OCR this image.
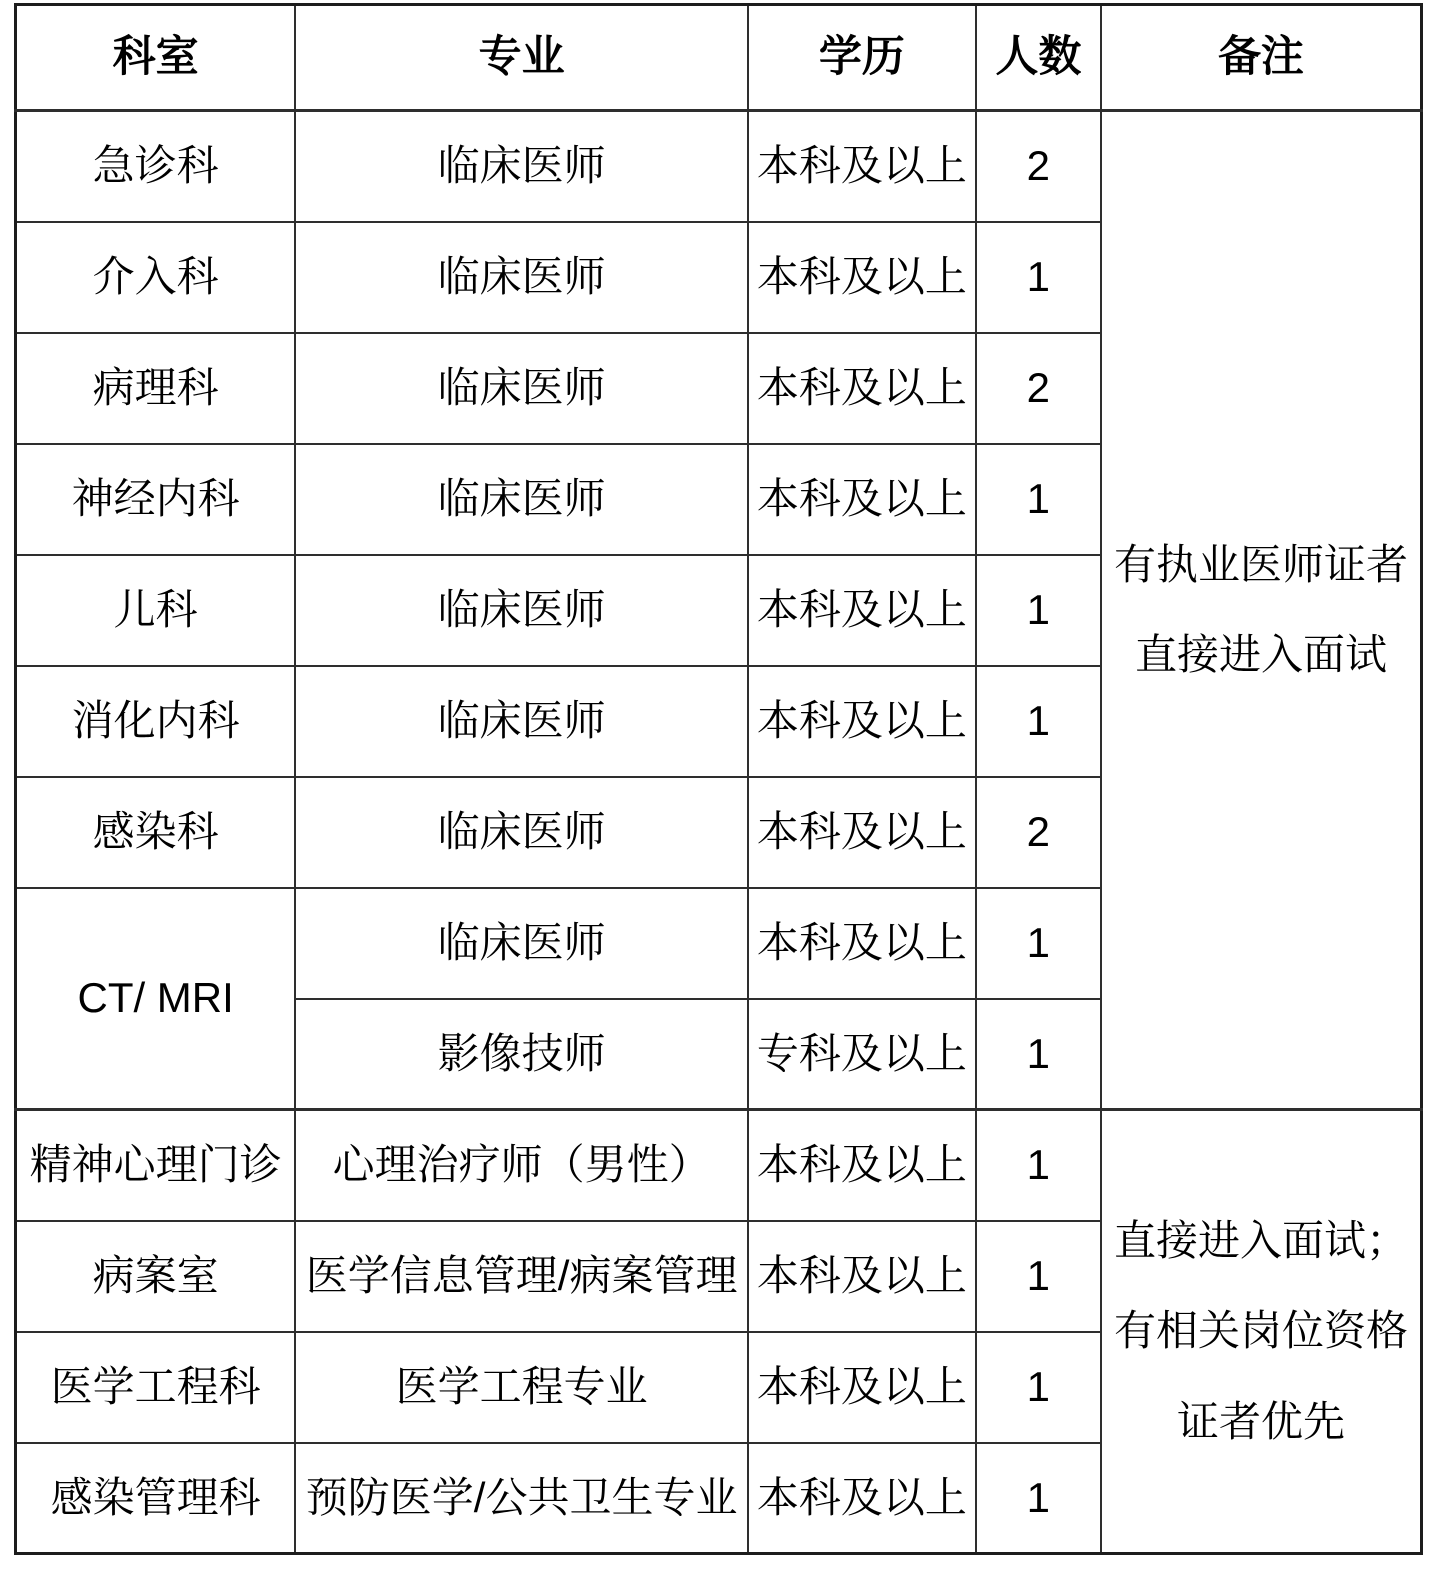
科室	专业	学历	人数	备注
急诊科	临床医师	本科及以上	2	有执业医师证者
直接进入面试

介入科	临床医师	本科及以上	1	
病理科	临床医师	本科及以上	2	
神经内科	临床医师	本科及以上	1	
儿科	临床医师	本科及以上	1	
消化内科	临床医师	本科及以上	1	
感染科	临床医师	本科及以上	2	
CT/ MRI	临床医师	本科及以上	1	
	影像技师	专科及以上	1	
精神心理门诊	心理治疗师（男性）	本科及以上	1	直接进入面试；
有相关岗位资格
证者优先

病案室	医学信息管理/病案管理	本科及以上	1	
医学工程科	医学工程专业	本科及以上	1	
感染管理科	预防医学/公共卫生专业	本科及以上	1	
